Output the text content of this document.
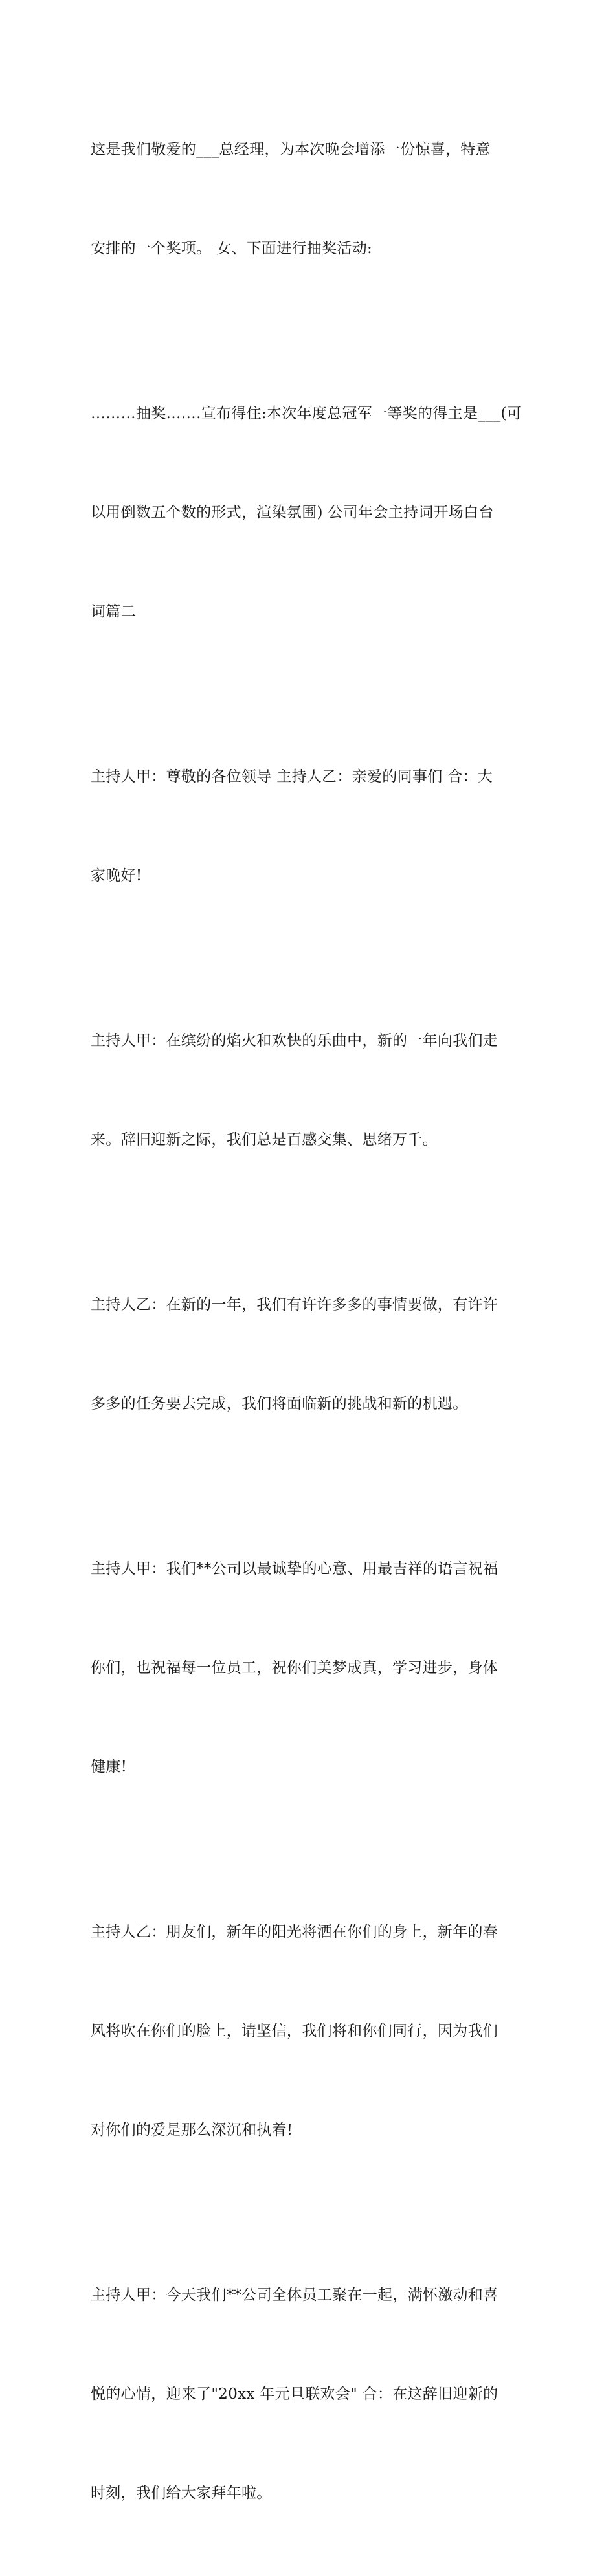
这是我们敬爱的___总经理，为本次晚会增添一份惊喜，特意

安排的一个奖项。 女、下面进行抽奖活动:

………抽奖…….宣布得住:本次年度总冠军一等奖的得主是___(可

以用倒数五个数的形式，渲染氛围) 公司年会主持词开场白台

词篇二

主持人甲：尊敬的各位领导 主持人乙：亲爱的同事们 合：大

家晚好!

主持人甲：在缤纷的焰火和欢快的乐曲中，新的一年向我们走

来。辞旧迎新之际，我们总是百感交集、思绪万千。

主持人乙：在新的一年，我们有许许多多的事情要做，有许许

多多的任务要去完成，我们将面临新的挑战和新的机遇。

主持人甲：我们**公司以最诚挚的心意、用最吉祥的语言祝福

你们，也祝福每一位员工，祝你们美梦成真，学习进步，身体

健康!

主持人乙：朋友们，新年的阳光将洒在你们的身上，新年的春

风将吹在你们的脸上，请坚信，我们将和你们同行，因为我们

对你们的爱是那么深沉和执着!

主持人甲：今天我们**公司全体员工聚在一起，满怀激动和喜

悦的心情，迎来了"20xx 年元旦联欢会" 合：在这辞旧迎新的

时刻，我们给大家拜年啦。
